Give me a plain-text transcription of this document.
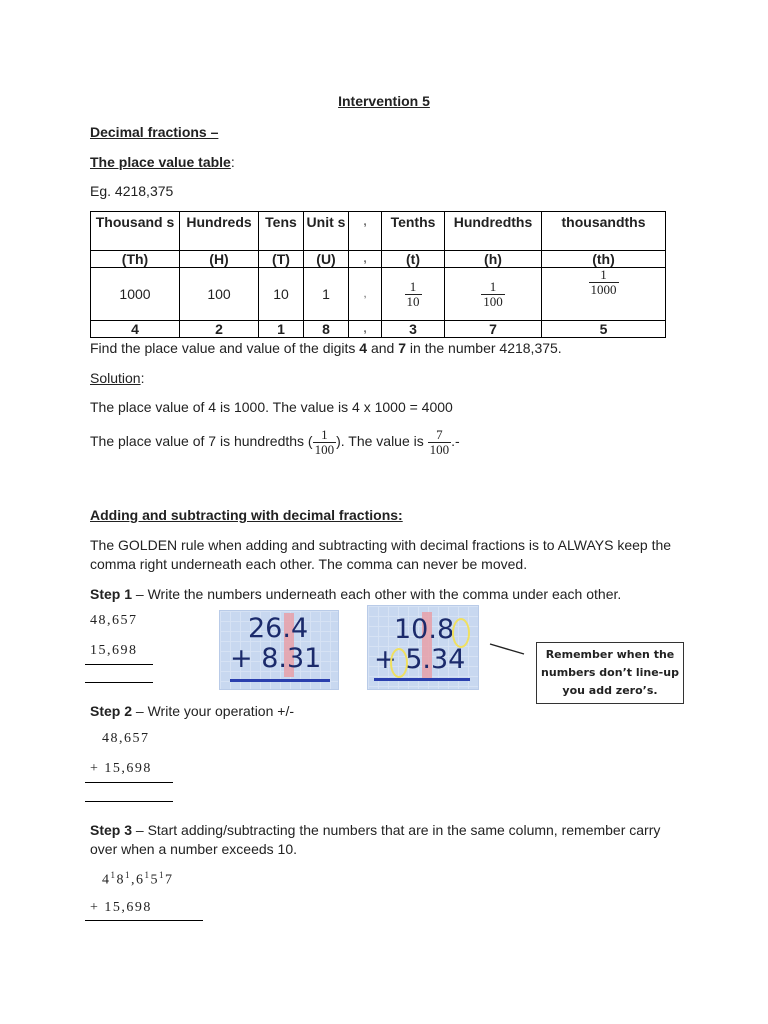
Intervention 5
Decimal fractions –
The place value table:
Eg. 4218,375
Thousand s	Hundreds	Tens	Unit s	,	Tenths	Hundredths	thousandths
(Th)	(H)	(T)	(U)	,	(t)	(h)	(th)
1000	100	10	1	,	$\frac{1}{10}$	$\frac{1}{100}$	$\frac{1}{1000}$

4	2	1	8	,	3	7	5
Find the place value and value of the digits 4 and 7 in the number 4218,375.
Solution:
The place value of 4 is 1000. The value is 4 x 1000 = 4000
The place value of 7 is hundredths ( $\frac{1}{100}$ ). The value is $\frac{7}{100}$ .-
Adding and subtracting with decimal fractions:
The GOLDEN rule when adding and subtracting with decimal fractions is to ALWAYS keep the comma right underneath each other. The comma can never be moved.
Step 1 – Write the numbers underneath each other with the comma under each other.
48,657
15,698
26.4
+ 8.31
10.8
+ 5.34	Remember when the numbers don’t line-up you add zero’s.
Step 2 – Write your operation +/-
48,657
+ 15,698
Step 3 – Start adding/subtracting the numbers that are in the same column, remember carry over when a number exceeds 10.
$4^18^1,6^15^17$
+ 15,698
